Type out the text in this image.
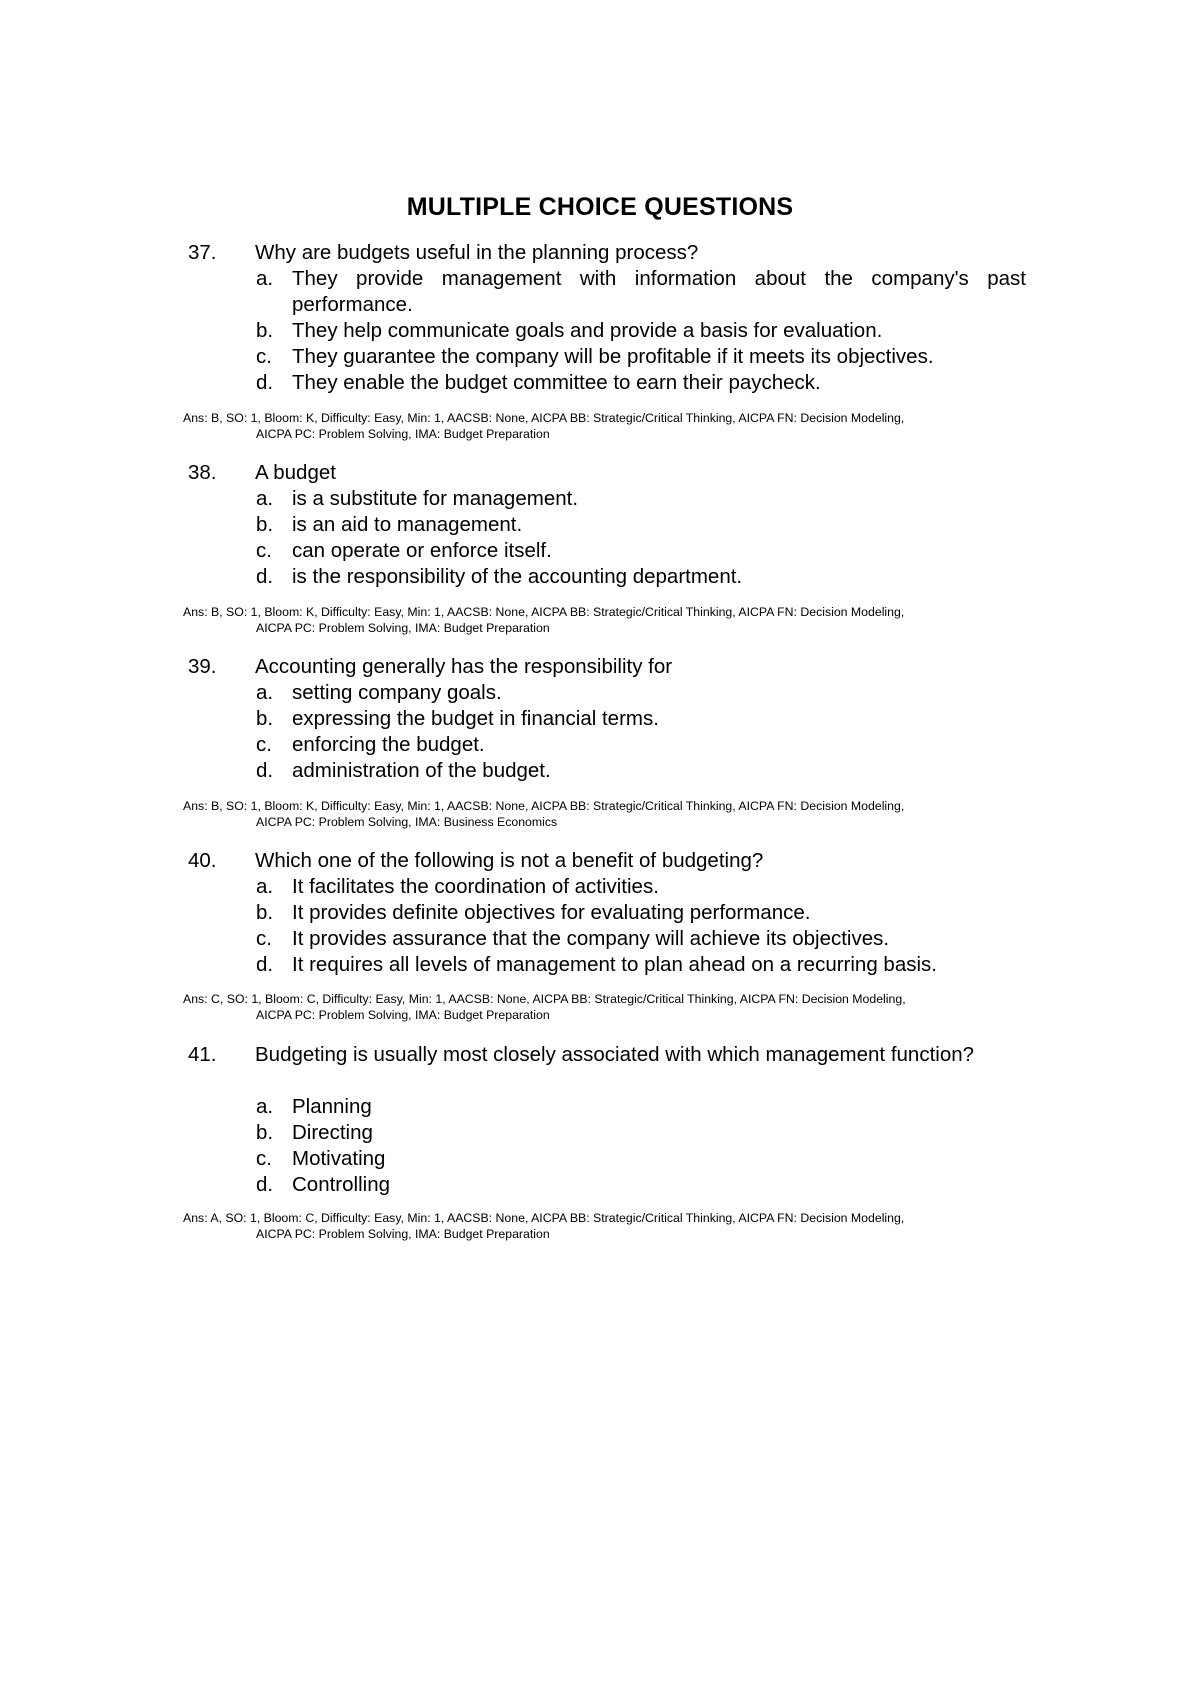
MULTIPLE CHOICE QUESTIONS
37. Why are budgets useful in the planning process?
a. They provide management with information about the company's past performance.
b. They help communicate goals and provide a basis for evaluation.
c. They guarantee the company will be profitable if it meets its objectives.
d. They enable the budget committee to earn their paycheck.
Ans: B, SO: 1, Bloom: K, Difficulty: Easy, Min: 1, AACSB: None, AICPA BB: Strategic/Critical Thinking, AICPA FN: Decision Modeling,
AICPA PC: Problem Solving, IMA: Budget Preparation
38. A budget
a. is a substitute for management.
b. is an aid to management.
c. can operate or enforce itself.
d. is the responsibility of the accounting department.
Ans: B, SO: 1, Bloom: K, Difficulty: Easy, Min: 1, AACSB: None, AICPA BB: Strategic/Critical Thinking, AICPA FN: Decision Modeling,
AICPA PC: Problem Solving, IMA: Budget Preparation
39. Accounting generally has the responsibility for
a. setting company goals.
b. expressing the budget in financial terms.
c. enforcing the budget.
d. administration of the budget.
Ans: B, SO: 1, Bloom: K, Difficulty: Easy, Min: 1, AACSB: None, AICPA BB: Strategic/Critical Thinking, AICPA FN: Decision Modeling,
AICPA PC: Problem Solving, IMA: Business Economics
40. Which one of the following is not a benefit of budgeting?
a. It facilitates the coordination of activities.
b. It provides definite objectives for evaluating performance.
c. It provides assurance that the company will achieve its objectives.
d. It requires all levels of management to plan ahead on a recurring basis.
Ans: C, SO: 1, Bloom: C, Difficulty: Easy, Min: 1, AACSB: None, AICPA BB: Strategic/Critical Thinking, AICPA FN: Decision Modeling,
AICPA PC: Problem Solving, IMA: Budget Preparation
41. Budgeting is usually most closely associated with which management function?
a. Planning
b. Directing
c. Motivating
d. Controlling
Ans: A, SO: 1, Bloom: C, Difficulty: Easy, Min: 1, AACSB: None, AICPA BB: Strategic/Critical Thinking, AICPA FN: Decision Modeling,
AICPA PC: Problem Solving, IMA: Budget Preparation
